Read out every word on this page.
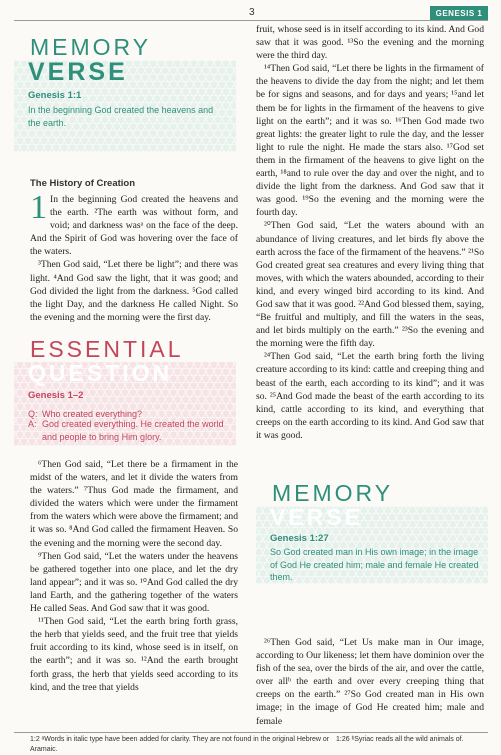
3	GENESIS 1
MEMORY
VERSE
Genesis 1:1
In the beginning God created the heavens and the earth.
The History of Creation

1 In the beginning God created the heavens and the earth. ²The earth was without form, and void; and darkness wasᵃ on the face of the deep. And the Spirit of God was hovering over the face of the waters.

³Then God said, “Let there be light”; and there was light. ⁴And God saw the light, that it was good; and God divided the light from the darkness. ⁵God called the light Day, and the darkness He called Night. So the evening and the morning were the first day.

ESSENTIAL
QUESTION
Genesis 1–2
Q: Who created everything?
A: God created everything. He created the world and people to bring Him glory.

⁶Then God said, “Let there be a firmament in the midst of the waters, and let it divide the waters from the waters.” ⁷Thus God made the firmament, and divided the waters which were under the firmament from the waters which were above the firmament; and it was so. ⁸And God called the firmament Heaven. So the evening and the morning were the second day.

⁹Then God said, “Let the waters under the heavens be gathered together into one place, and let the dry land appear”; and it was so. ¹⁰And God called the dry land Earth, and the gathering together of the waters He called Seas. And God saw that it was good.

¹¹Then God said, “Let the earth bring forth grass, the herb that yields seed, and the fruit tree that yields fruit according to its kind, whose seed is in itself, on the earth”; and it was so. ¹²And the earth brought forth grass, the herb that yields seed according to its kind, and the tree that yields

fruit, whose seed is in itself according to its kind. And God saw that it was good. ¹³So the evening and the morning were the third day.

¹⁴Then God said, “Let there be lights in the firmament of the heavens to divide the day from the night; and let them be for signs and seasons, and for days and years; ¹⁵and let them be for lights in the firmament of the heavens to give light on the earth”; and it was so. ¹⁶Then God made two great lights: the greater light to rule the day, and the lesser light to rule the night. He made the stars also. ¹⁷God set them in the firmament of the heavens to give light on the earth, ¹⁸and to rule over the day and over the night, and to divide the light from the darkness. And God saw that it was good. ¹⁹So the evening and the morning were the fourth day.

²⁰Then God said, “Let the waters abound with an abundance of living creatures, and let birds fly above the earth across the face of the firmament of the heavens.” ²¹So God created great sea creatures and every living thing that moves, with which the waters abounded, according to their kind, and every winged bird according to its kind. And God saw that it was good. ²²And God blessed them, saying, “Be fruitful and multiply, and fill the waters in the seas, and let birds multiply on the earth.” ²³So the evening and the morning were the fifth day.

²⁴Then God said, “Let the earth bring forth the living creature according to its kind: cattle and creeping thing and beast of the earth, each according to its kind”; and it was so. ²⁵And God made the beast of the earth according to its kind, cattle according to its kind, and everything that creeps on the earth according to its kind. And God saw that it was good.

MEMORY
VERSE
Genesis 1:27
So God created man in His own image; in the image of God He created him; male and female He created them.

²⁶Then God said, “Let Us make man in Our image, according to Our likeness; let them have dominion over the fish of the sea, over the birds of the air, and over the cattle, over allᵇ the earth and over every creeping thing that creeps on the earth.” ²⁷So God created man in His own image; in the image of God He created him; male and female

1:2 ᵃWords in italic type have been added for clarity. They are not found in the original Hebrew or Aramaic.
1:26 ᵇSyriac reads all the wild animals of.
